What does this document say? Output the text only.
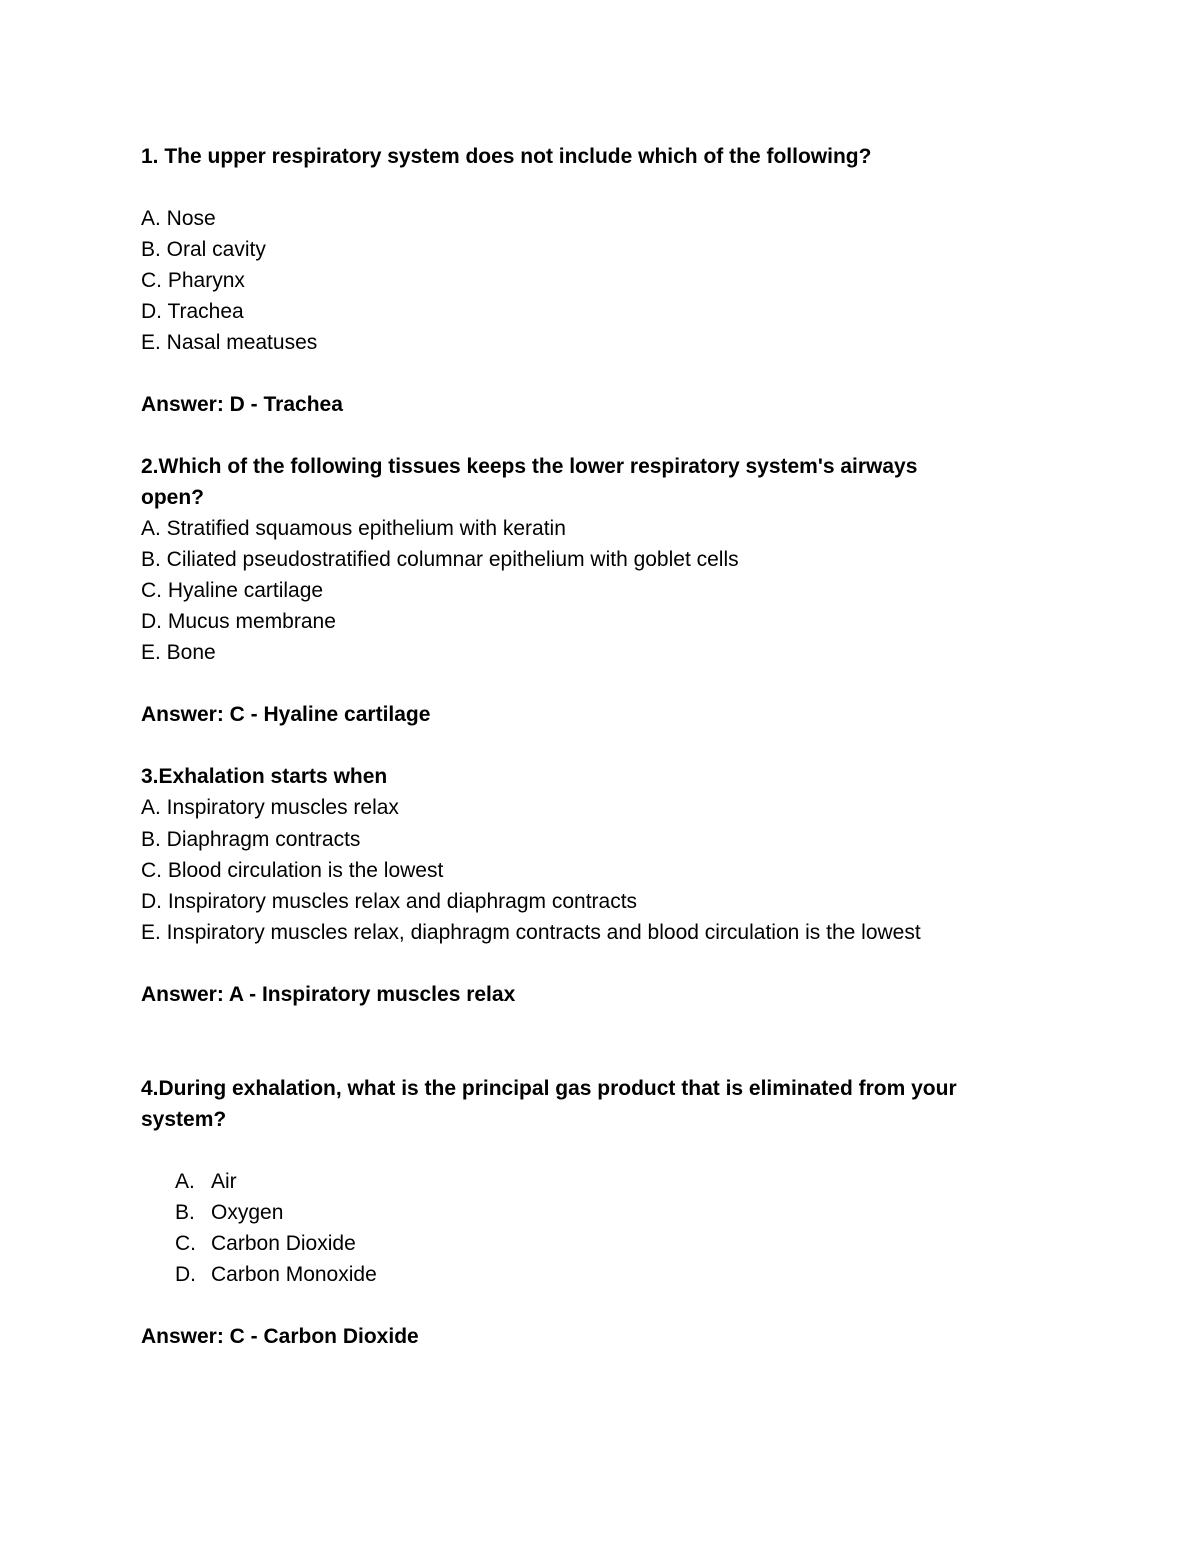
1. The upper respiratory system does not include which of the following?

A. Nose

B. Oral cavity

C. Pharynx

D. Trachea

E. Nasal meatuses

Answer: D - Trachea

2.Which of the following tissues keeps the lower respiratory system's airways

open?

A. Stratified squamous epithelium with keratin

B. Ciliated pseudostratified columnar epithelium with goblet cells

C. Hyaline cartilage

D. Mucus membrane

E. Bone

Answer: C - Hyaline cartilage

3.Exhalation starts when

A. Inspiratory muscles relax

B. Diaphragm contracts

C. Blood circulation is the lowest

D. Inspiratory muscles relax and diaphragm contracts

E. Inspiratory muscles relax, diaphragm contracts and blood circulation is the lowest

Answer: A - Inspiratory muscles relax

4.During exhalation, what is the principal gas product that is eliminated from your

system?

A. Air
B. Oxygen
C. Carbon Dioxide
D. Carbon Monoxide

Answer: C - Carbon Dioxide
